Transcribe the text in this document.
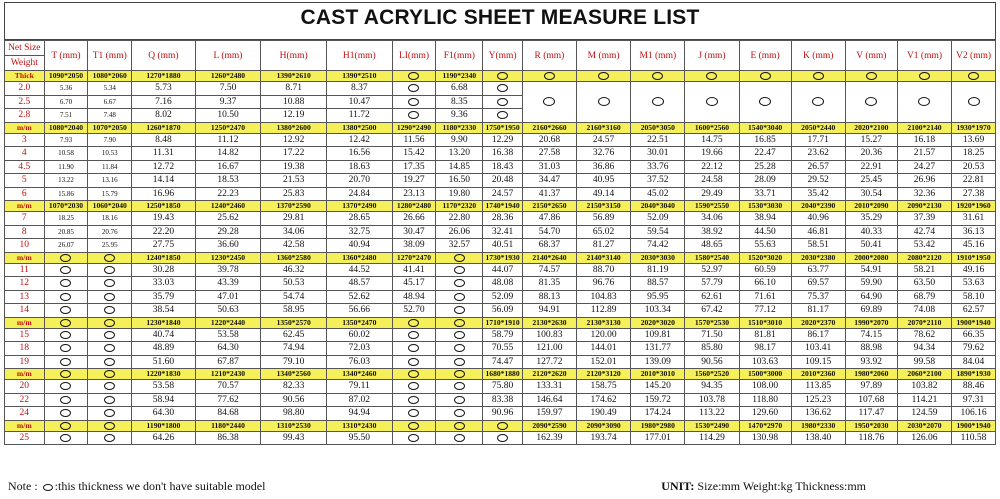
CAST ACRYLIC SHEET MEASURE LIST
Net Size	T (mm)	T1 (mm)	Q (mm)	L (mm)	H(mm)	H1(mm)	LI(mm)	F1(mm)	Y(mm)	R (mm)	M (mm)	M1 (mm)	J (mm)	E (mm)	K (mm)	V (mm)	V1 (mm)	V2 (mm)
Weight																		
Thick	1090*2050	1080*2060	1270*1880	1260*2480	1390*2610	1390*2510		1190*2340										
2.0	5.36	5.34	5.73	7.50	8.71	8.37		6.68										
2.5	6.70	6.67	7.16	9.37	10.88	10.47		8.35										
2.8	7.51	7.48	8.02	10.50	12.19	11.72		9.36										
m/m	1080*2040	1070*2050	1260*1870	1250*2470	1380*2600	1380*2500	1290*2490	1180*2330	1750*1950	2160*2660	2160*3160	2050*3050	1600*2560	1540*3040	2050*2440	2020*2100	2100*2140	1930*1970
3	7.93	7.90	8.48	11.12	12.92	12.42	11.56	9.90	12.29	20.68	24.57	22.51	14.75	16.85	17.71	15.27	16.18	13.69
4	10.58	10.53	11.31	14.82	17.22	16.56	15.42	13.20	16.38	27.58	32.76	30.01	19.66	22.47	23.62	20.36	21.57	18.25
4.5	11.90	11.84	12.72	16.67	19.38	18.63	17.35	14.85	18.43	31.03	36.86	33.76	22.12	25.28	26.57	22.91	24.27	20.53
5	13.22	13.16	14.14	18.53	21.53	20.70	19.27	16.50	20.48	34.47	40.95	37.52	24.58	28.09	29.52	25.45	26.96	22.81
6	15.86	15.79	16.96	22.23	25.83	24.84	23.13	19.80	24.57	41.37	49.14	45.02	29.49	33.71	35.42	30.54	32.36	27.38
m/m	1070*2030	1060*2040	1250*1850	1240*2460	1370*2590	1370*2490	1280*2480	1170*2320	1740*1940	2150*2650	2150*3150	2040*3040	1590*2550	1530*3030	2040*2390	2010*2090	2090*2130	1920*1960
7	18.25	18.16	19.43	25.62	29.81	28.65	26.66	22.80	28.36	47.86	56.89	52.09	34.06	38.94	40.96	35.29	37.39	31.61
8	20.85	20.76	22.20	29.28	34.06	32.75	30.47	26.06	32.41	54.70	65.02	59.54	38.92	44.50	46.81	40.33	42.74	36.13
10	26.07	25.95	27.75	36.60	42.58	40.94	38.09	32.57	40.51	68.37	81.27	74.42	48.65	55.63	58.51	50.41	53.42	45.16
m/m			1240*1850	1230*2450	1360*2580	1360*2480	1270*2470		1730*1930	2140*2640	2140*3140	2030*3030	1580*2540	1520*3020	2030*2380	2000*2080	2080*2120	1910*1950
11			30.28	39.78	46.32	44.52	41.41		44.07	74.57	88.70	81.19	52.97	60.59	63.77	54.91	58.21	49.16
12			33.03	43.39	50.53	48.57	45.17		48.08	81.35	96.76	88.57	57.79	66.10	69.57	59.90	63.50	53.63
13			35.79	47.01	54.74	52.62	48.94		52.09	88.13	104.83	95.95	62.61	71.61	75.37	64.90	68.79	58.10
14			38.54	50.63	58.95	56.66	52.70		56.09	94.91	112.89	103.34	67.42	77.12	81.17	69.89	74.08	62.57
m/m			1230*1840	1220*2440	1350*2570	1350*2470			1710*1910	2130*2630	2130*3130	2020*3020	1570*2530	1510*3010	2020*2370	1990*2070	2070*2110	1900*1940
15			40.74	53.58	62.45	60.02			58.79	100.83	120.00	109.81	71.50	81.81	86.17	74.15	78.62	66.35
18			48.89	64.30	74.94	72.03			70.55	121.00	144.01	131.77	85.80	98.17	103.41	88.98	94.34	79.62
19			51.60	67.87	79.10	76.03			74.47	127.72	152.01	139.09	90.56	103.63	109.15	93.92	99.58	84.04
m/m			1220*1830	1210*2430	1340*2560	1340*2460			1680*1880	2120*2620	2120*3120	2010*3010	1560*2520	1500*3000	2010*2360	1980*2060	2060*2100	1890*1930
20			53.58	70.57	82.33	79.11			75.80	133.31	158.75	145.20	94.35	108.00	113.85	97.89	103.82	88.46
22			58.94	77.62	90.56	87.02			83.38	146.64	174.62	159.72	103.78	118.80	125.23	107.68	114.21	97.31
24			64.30	84.68	98.80	94.94			90.96	159.97	190.49	174.24	113.22	129.60	136.62	117.47	124.59	106.16
m/m			1190*1800	1180*2440	1310*2530	1310*2430				2090*2590	2090*3090	1980*2980	1530*2490	1470*2970	1980*2330	1950*2030	2030*2070	1900*1940
25			64.26	86.38	99.43	95.50				162.39	193.74	177.01	114.29	130.98	138.40	118.76	126.06	110.58
Note : :this thickness we don't have suitable model	UNIT: Size:mm Weight:kg Thickness:mm
